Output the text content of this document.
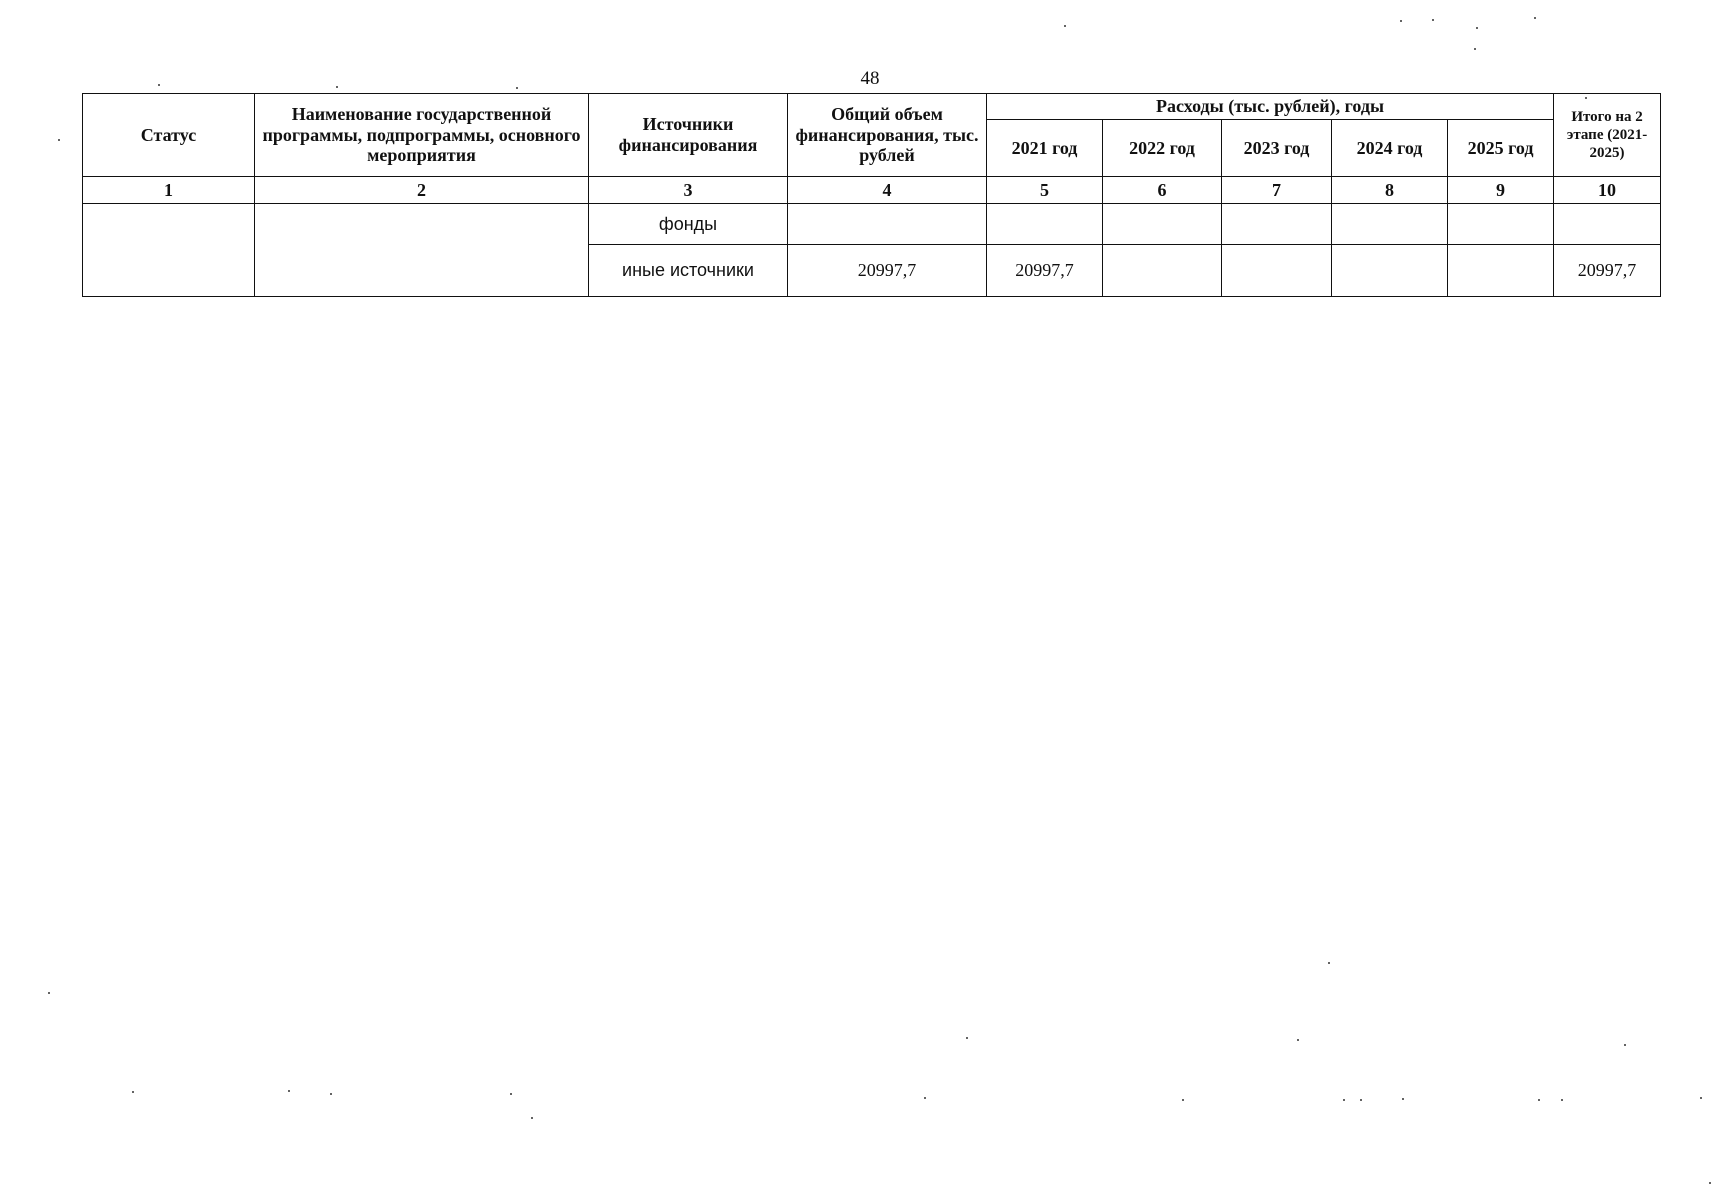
48
Статус	Наименование государственной программы, подпрограммы, основного мероприятия	Источники финансирования	Общий объем финансирования, тыс. рублей	Расходы (тыс. рублей), годы					Итого на 2 этапе (2021-2025)
				2021 год	2022 год	2023 год	2024 год	2025 год	
1	2	3	4	5	6	7	8	9	10
		фонды							
		иные источники	20997,7	20997,7					20997,7
